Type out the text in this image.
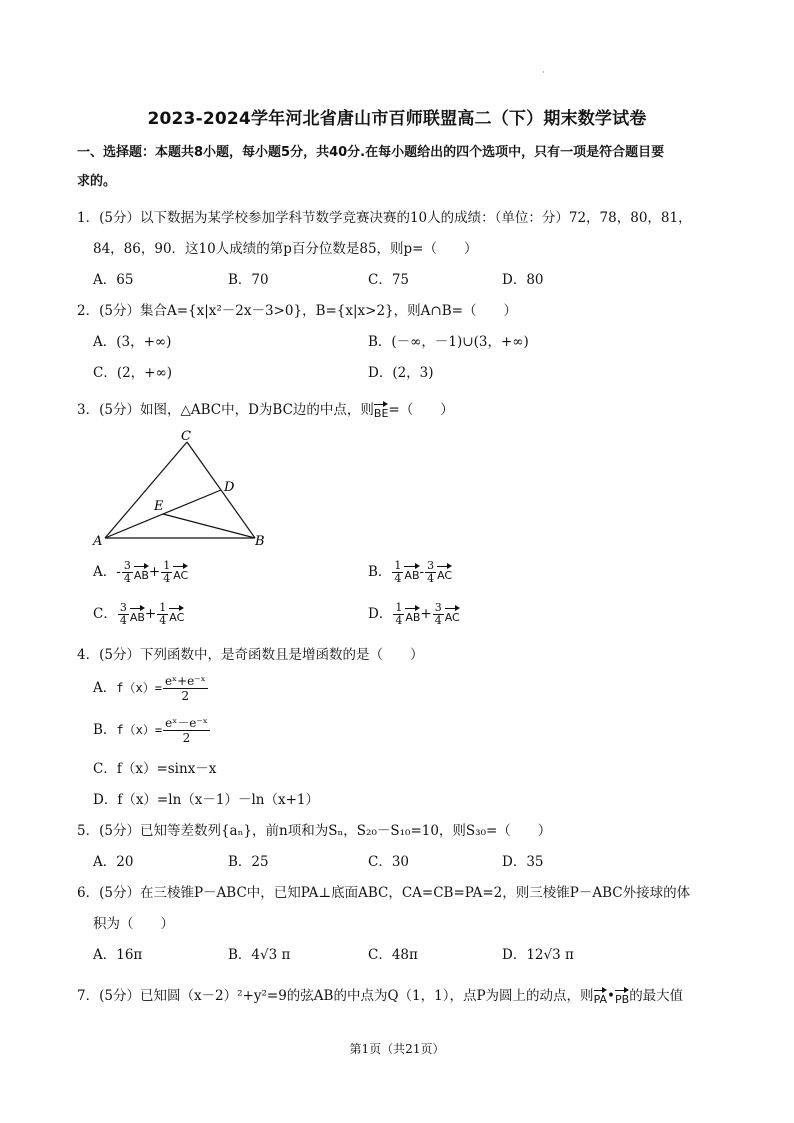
·
2023-2024学年河北省唐山市百师联盟高二（下）期末数学试卷
一、选择题：本题共8小题，每小题5分，共40分.在每小题给出的四个选项中，只有一项是符合题目要
求的。
1．(5分）以下数据为某学校参加学科节数学竞赛决赛的10人的成绩：（单位：分）72，78，80，81，
84，86，90．这10人成绩的第p百分位数是85，则p=（　　）
A．65	B．70	C．75	D．80
2．(5分）集合A={x|x²－2x－3>0}，B={x|x>2}，则A∩B=（　　）
A．(3，+∞)	B．(－∞，－1)∪(3，+∞)
C．(2，+∞)	D．(2，3)
3．(5分）如图，△ABC中，D为BC边的中点，则BE=（　　）
C
D
E
A	B
A．- $\frac{3}{4} AB+ \frac{1}{4}$ AC	B． $\frac{1}{4} AB- \frac{3}{4}$ AC
C． $\frac{3}{4} AB+ \frac{1}{4}$ AC	D． $\frac{1}{4} AB+ \frac{3}{4}$ AC
4．(5分）下列函数中，是奇函数且是增函数的是（　　）
A．$f(x)= \frac{\text{eˣ+e⁻ˣ}}{2}$
B．$f(x)= \frac{\text{eˣ－e⁻ˣ}}{2}$
C．f（x）=sinx－x
D．f（x）=ln（x－1）－ln（x+1）
5．(5分）已知等差数列{aₙ}，前n项和为Sₙ，S₂₀－S₁₀=10，则S₃₀=（　　）
A．20	B．25	C．30	D．35
6．(5分）在三棱锥P－ABC中，已知PA⊥底面ABC，CA=CB=PA=2，则三棱锥P－ABC外接球的体
积为（　　）
A．16π	B．4√3 π	C．48π	D．12√3 π
7．(5分）已知圆（x－2）²+y²=9的弦AB的中点为Q（1，1），点P为圆上的动点，则PA•PB的最大值
第1页（共21页）
